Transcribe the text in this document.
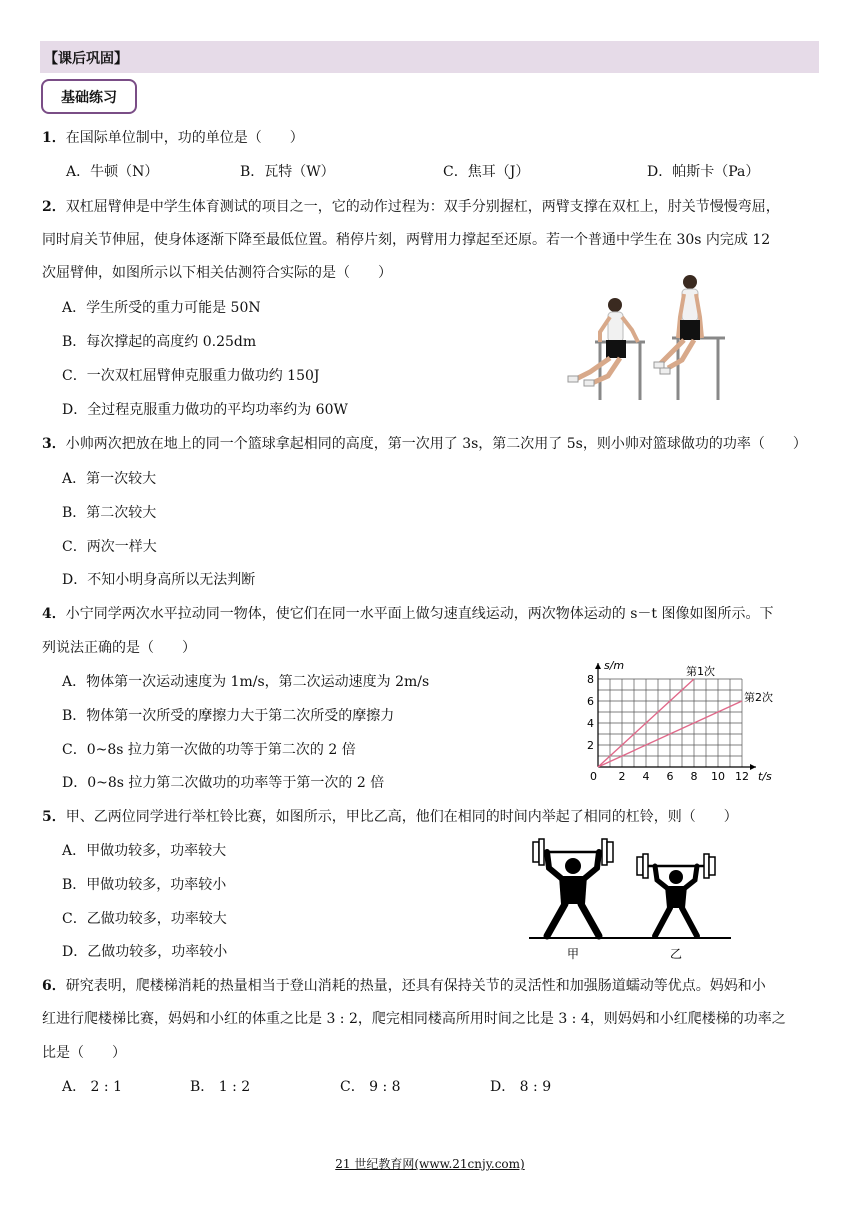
【课后巩固】
基础练习
1．在国际单位制中，功的单位是（　　）
A．牛顿（N）	B．瓦特（W）	C．焦耳（J）	D．帕斯卡（Pa）
2．双杠屈臂伸是中学生体育测试的项目之一，它的动作过程为：双手分别握杠，两臂支撑在双杠上，肘关节慢慢弯屈，
同时肩关节伸屈，使身体逐渐下降至最低位置。稍停片刻，两臂用力撑起至还原。若一个普通中学生在 30s 内完成 12
次屈臂伸，如图所示以下相关估测符合实际的是（　　）
A．学生所受的重力可能是 50N
B．每次撑起的高度约 0.25dm
C．一次双杠屈臂伸克服重力做功约 150J
D．全过程克服重力做功的平均功率约为 60W
3．小帅两次把放在地上的同一个篮球拿起相同的高度，第一次用了 3s，第二次用了 5s，则小帅对篮球做功的功率（　　）
A．第一次较大
B．第二次较大
C．两次一样大
D．不知小明身高所以无法判断
4．小宁同学两次水平拉动同一物体，使它们在同一水平面上做匀速直线运动，两次物体运动的 s－t 图像如图所示。下
列说法正确的是（　　）
A．物体第一次运动速度为 1m/s，第二次运动速度为 2m/s
B．物体第一次所受的摩擦力大于第二次所受的摩擦力
C．0~8s 拉力第一次做的功等于第二次的 2 倍
D．0~8s 拉力第二次做功的功率等于第一次的 2 倍
第1次
第2次
0 2 4 6 8 10 12
2
4
6
8
t/s
s/m
5．甲、乙两位同学进行举杠铃比赛，如图所示，甲比乙高，他们在相同的时间内举起了相同的杠铃，则（　　）
A．甲做功较多，功率较大
B．甲做功较多，功率较小
C．乙做功较多，功率较大
D．乙做功较多，功率较小	甲	乙
6．研究表明，爬楼梯消耗的热量相当于登山消耗的热量，还具有保持关节的灵活性和加强肠道蠕动等优点。妈妈和小
红进行爬楼梯比赛，妈妈和小红的体重之比是 3 : 2，爬完相同楼高所用时间之比是 3 : 4，则妈妈和小红爬楼梯的功率之
比是（　　）
A． 2 : 1	B． 1 : 2	C． 9 : 8	D． 8 : 9
21 世纪教育网(www.21cnjy.com)
